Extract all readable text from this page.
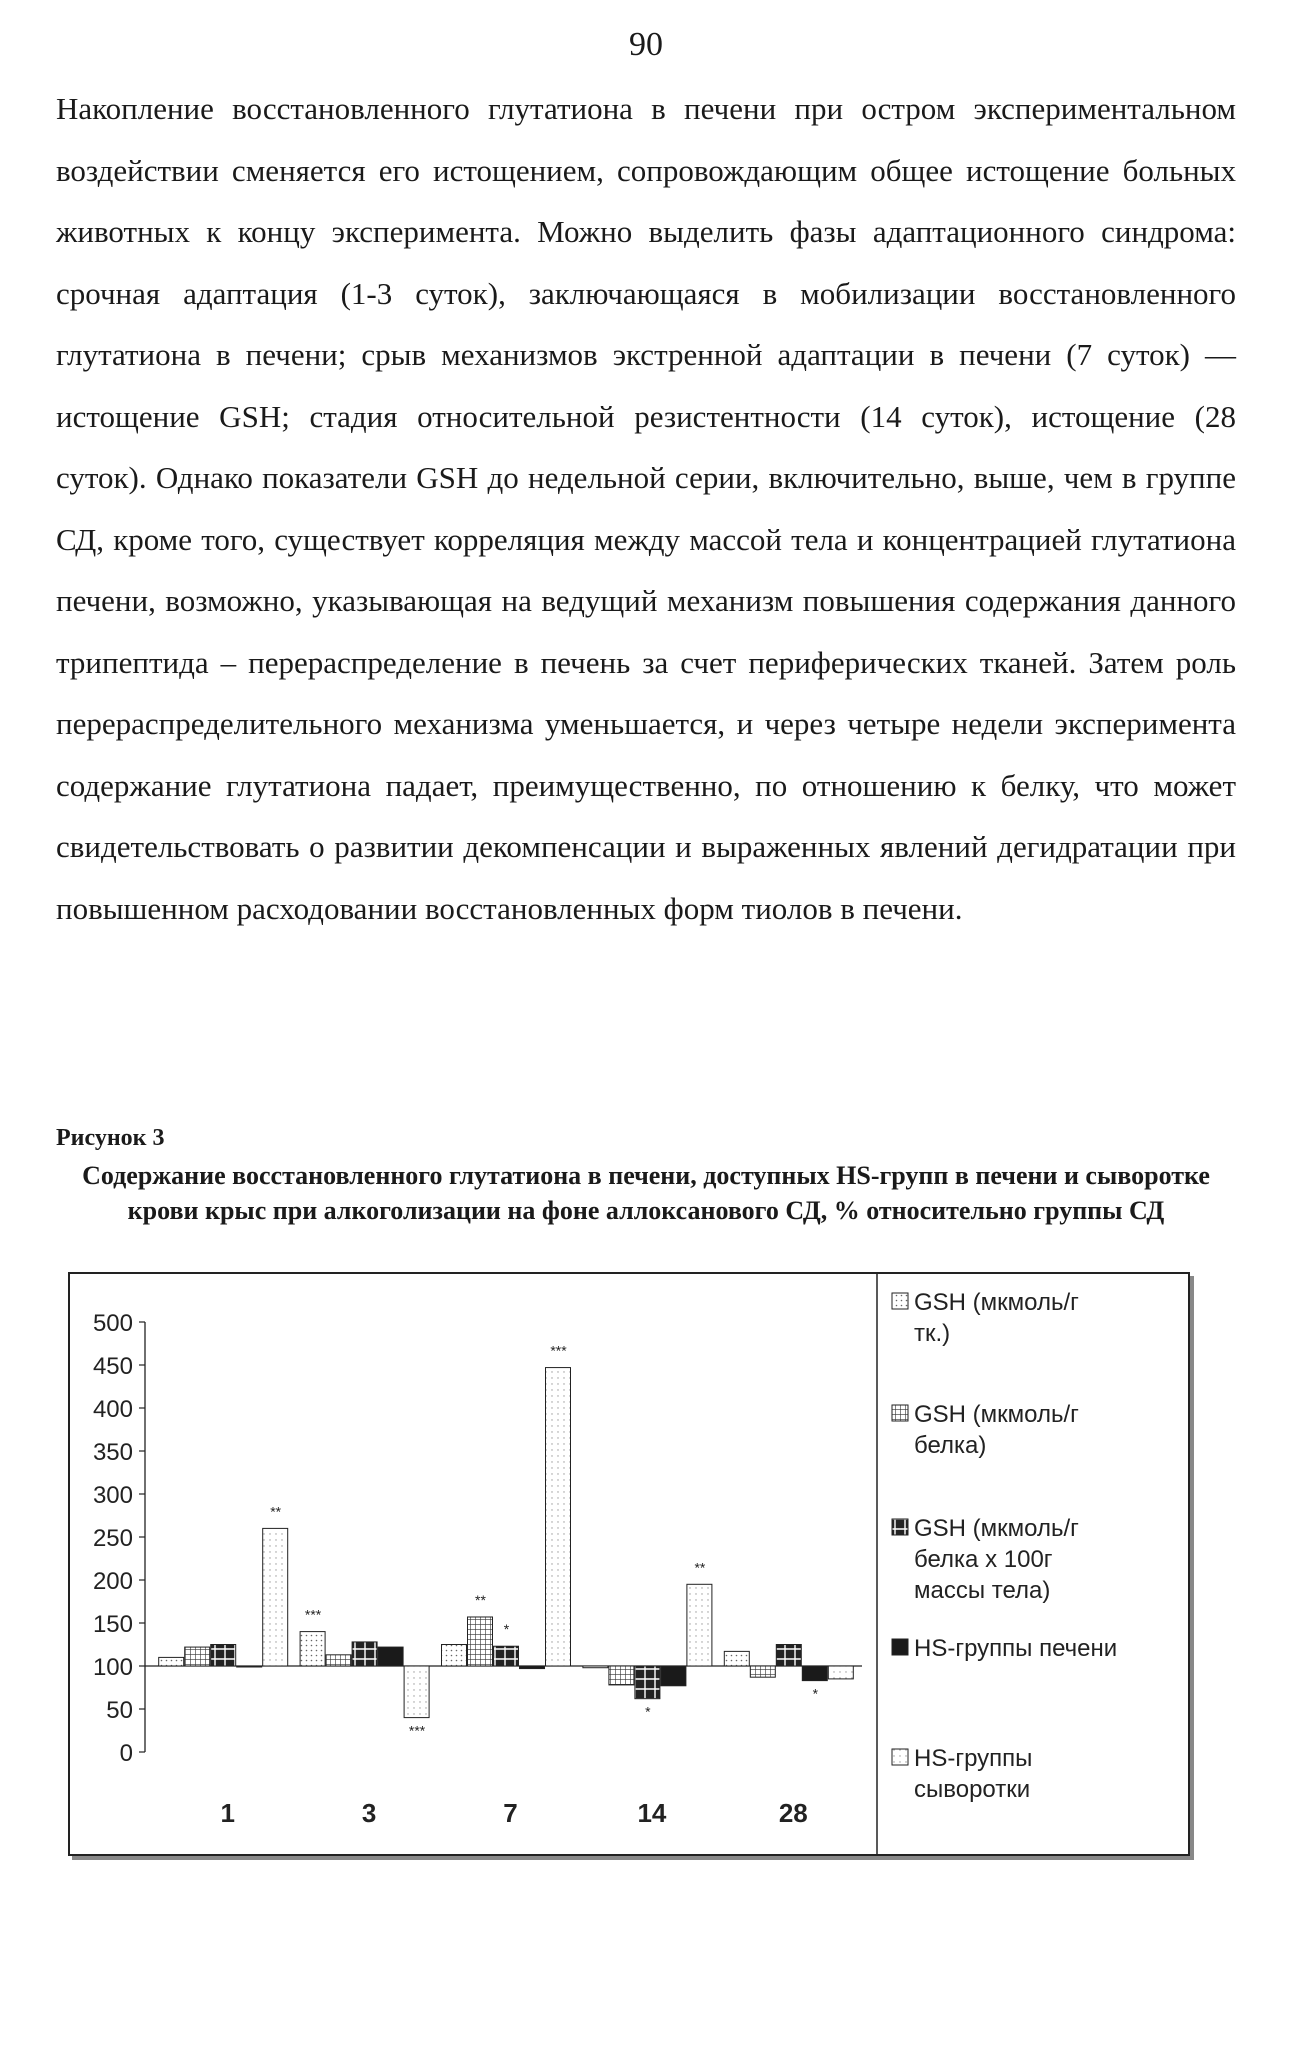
90

Накопление восстановленного глутатиона в печени при остром экспериментальном воздействии сменяется его истощением, сопровождающим общее истощение больных животных к концу эксперимента. Можно выделить фазы адаптационного синдрома: срочная адаптация (1-3 суток), заключающаяся в мобилизации восстановленного глутатиона в печени; срыв механизмов экстренной адаптации в печени (7 суток) — истощение GSH; стадия относительной резистентности (14 суток), истощение (28 суток). Однако показатели GSH до недельной серии, включительно, выше, чем в группе СД, кроме того, существует корреляция между массой тела и концентрацией глутатиона печени, возможно, указывающая на ведущий механизм повышения содержания данного трипептида – перераспределение в печень за счет периферических тканей. Затем роль перераспределительного механизма уменьшается, и через четыре недели эксперимента содержание глутатиона падает, преимущественно, по отношению к белку, что может свидетельствовать о развитии декомпенсации и выраженных явлений дегидратации при повышенном расходовании восстановленных форм тиолов в печени.

Рисунок 3
Содержание восстановленного глутатиона в печени, доступных HS-групп в печени и сыворотке крови крыс при алкоголизации на фоне аллоксанового СД, % относительно группы СД
0
50
100
150
200
250
300
350
400
450
500
**
1
***
***
3
**
*
***
7
*
**
14
*
28
GSH (мкмоль/г тк.)
GSH (мкмоль/г белка)
GSH (мкмоль/г белка х 100г массы тела)
HS-группы печени
HS-группы сыворотки
